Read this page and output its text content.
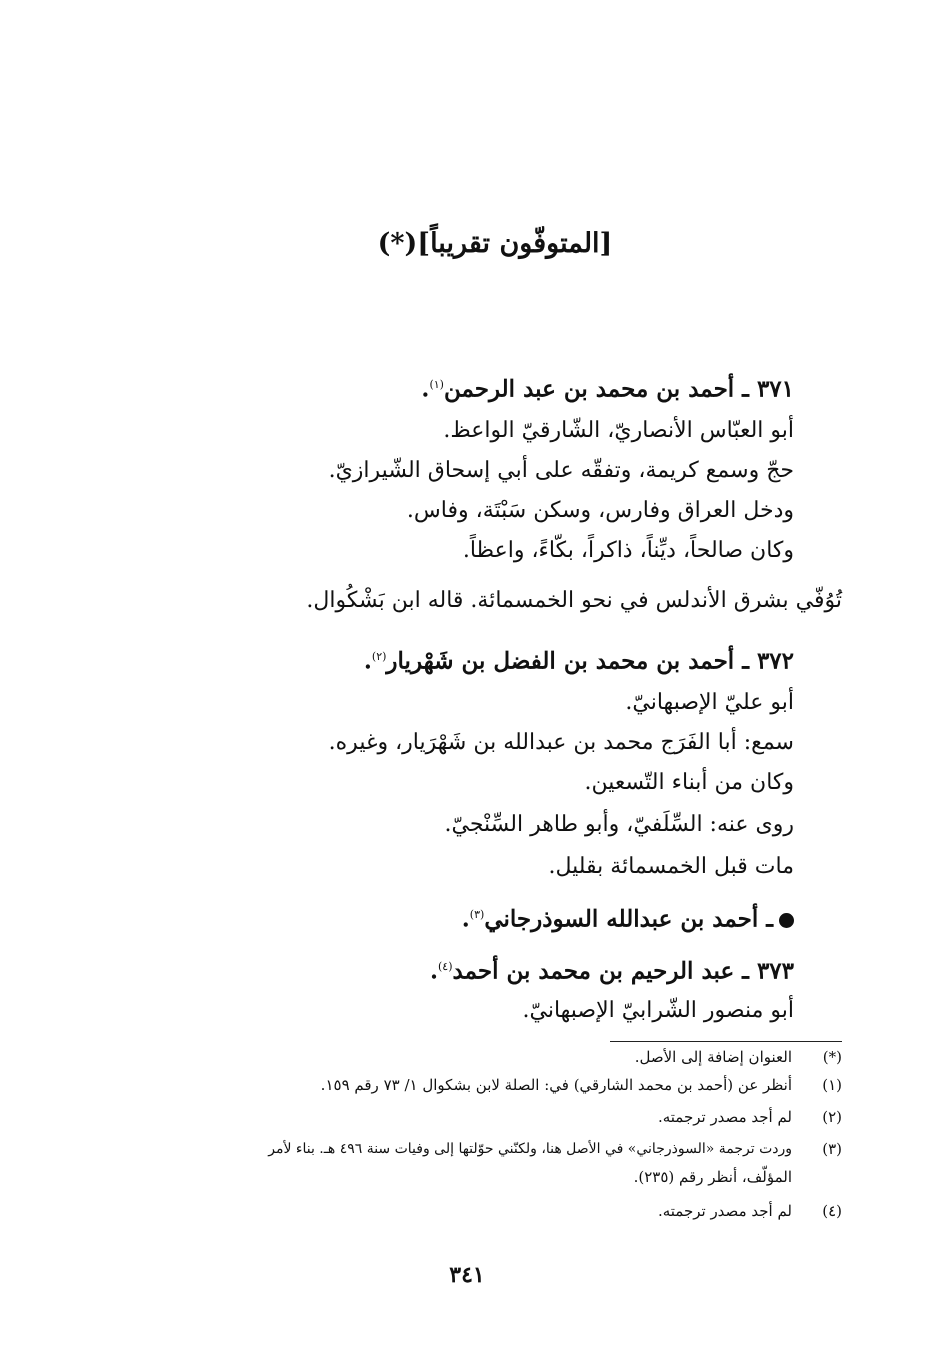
[المتوفّون تقريباً](*)
٣٧١ ـ أحمد بن محمد بن عبد الرحمن$^{(١)}$.
أبو العبّاس الأنصاريّ، الشّارقيّ الواعظ.
حجّ وسمع كريمة، وتفقّه على أبي إسحاق الشّيرازيّ.
ودخل العراق وفارس، وسكن سَبْتَة، وفاس.
وكان صالحاً، ديِّناً، ذاكراً، بكّاءً، واعظاً.
تُوُفّي بشرق الأندلس في نحو الخمسمائة. قاله ابن بَشْكُوال.
٣٧٢ ـ أحمد بن محمد بن الفضل بن شَهْريار$^{(٢)}$.
أبو عليّ الإصبهانيّ.
سمع: أبا الفَرَج محمد بن عبدالله بن شَهْرَيار، وغيره.
وكان من أبناء التّسعين.
روى عنه: السِّلَفيّ، وأبو طاهر السِّنْجيّ.
مات قبل الخمسمائة بقليل.
ـ أحمد بن عبدالله السوذرجاني$^{(٣)}$.
٣٧٣ ـ عبد الرحيم بن محمد بن أحمد$^{(٤)}$.
أبو منصور الشّرابيّ الإصبهانيّ.
(*)
العنوان إضافة إلى الأصل.
(١)
أنظر عن (أحمد بن محمد الشارقي) في: الصلة لابن بشكوال ١/ ٧٣ رقم ١٥٩.
(٢)
لم أجد مصدر ترجمته.
(٣)
وردت ترجمة «السوذرجاني» في الأصل هنا، ولكنّني حوّلتها إلى وفيات سنة ٤٩٦ هـ. بناء لأمر
المؤلّف، أنظر رقم (٢٣٥).
(٤)
لم أجد مصدر ترجمته.
٣٤١
